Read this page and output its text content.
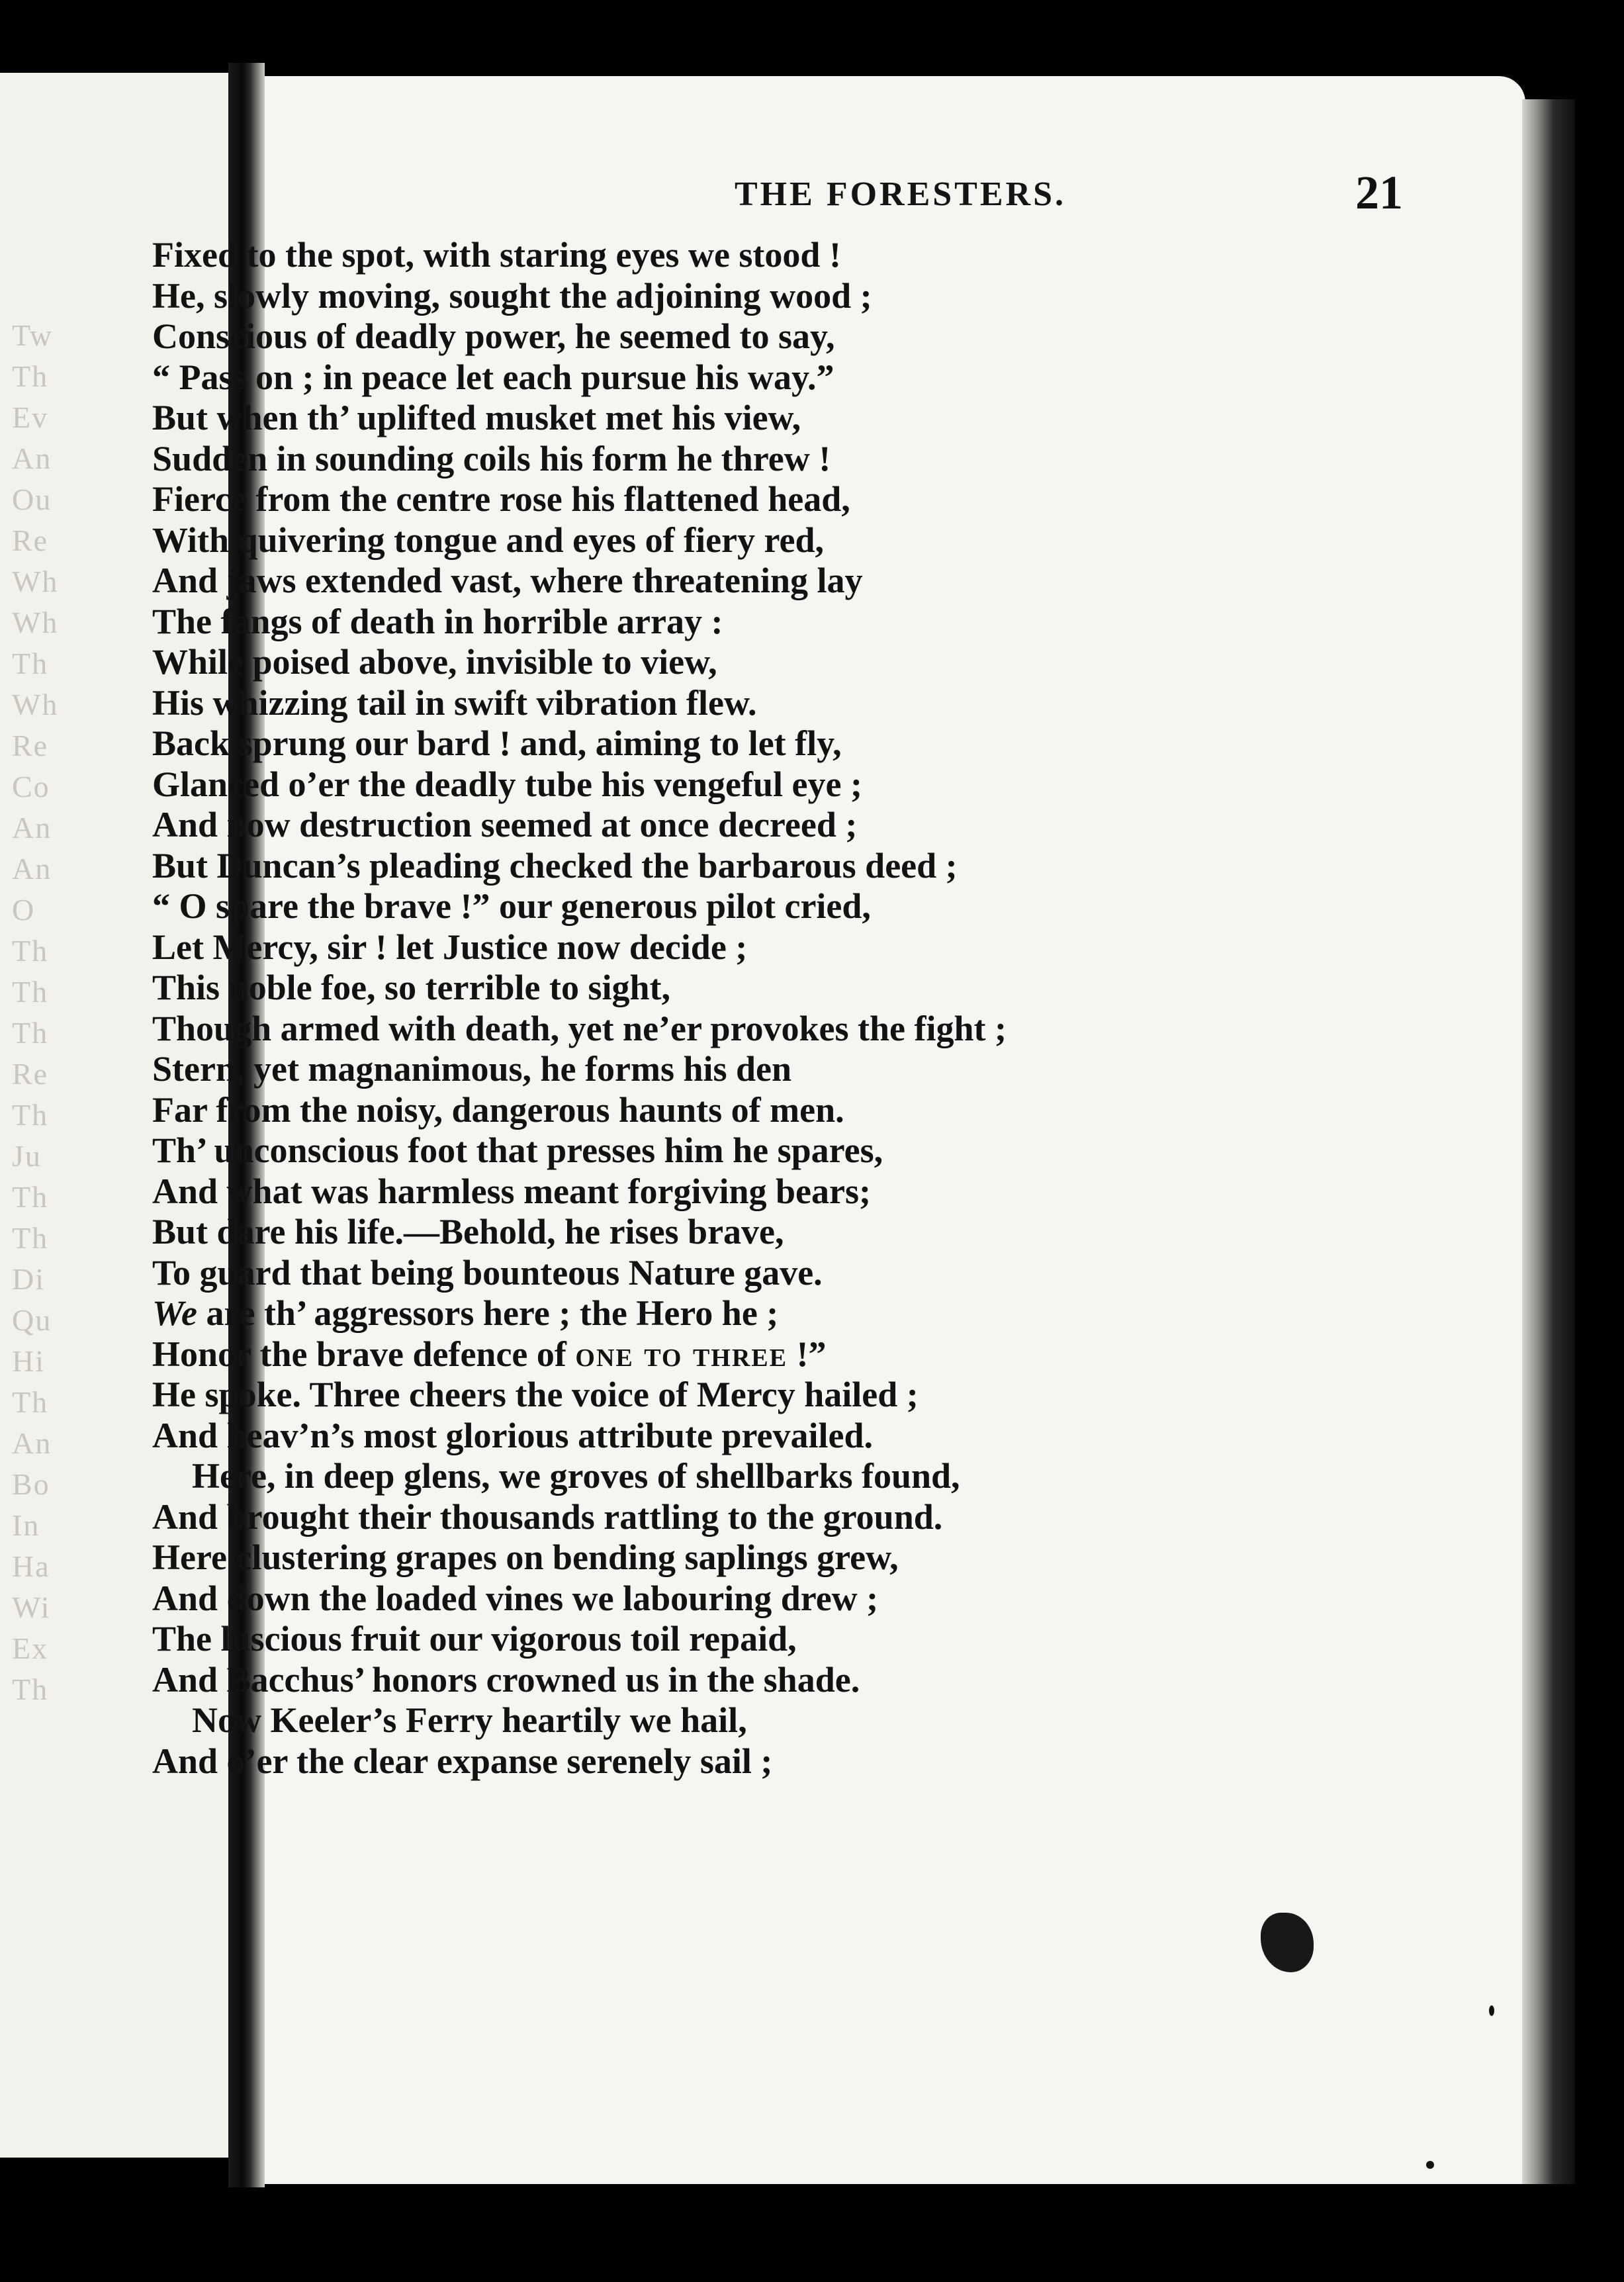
Tw
Th
Ev
An
Ou
Re
Wh
Wh
Th
Wh
Re
Co
An
An
O
Th
Th
Th
Re
Th
Ju
Th
Th
Di
Qu
Hi
Th
An
Bo
In
Ha
Wi
Ex
Th
THE FORESTERS.	21
Fixed to the spot, with staring eyes we stood !
He, slowly moving, sought the adjoining wood ;
Conscious of deadly power, he seemed to say,
“ Pass on ; in peace let each pursue his way.”
But when th’ uplifted musket met his view,
Sudden in sounding coils his form he threw !
Fierce from the centre rose his flattened head,
With quivering tongue and eyes of fiery red,
And jaws extended vast, where threatening lay
The fangs of death in horrible array :
While poised above, invisible to view,
His whizzing tail in swift vibration flew.
Back sprung our bard ! and, aiming to let fly,
Glanced o’er the deadly tube his vengeful eye ;
And now destruction seemed at once decreed ;
But Duncan’s pleading checked the barbarous deed ;
“ O spare the brave !” our generous pilot cried,
Let Mercy, sir ! let Justice now decide ;
This noble foe, so terrible to sight,
Though armed with death, yet ne’er provokes the fight ;
Stern, yet magnanimous, he forms his den
Far from the noisy, dangerous haunts of men.
Th’ unconscious foot that presses him he spares,
And what was harmless meant forgiving bears;
But dare his life.—Behold, he rises brave,
To guard that being bounteous Nature gave.
We are th’ aggressors here ; the Hero he ;
Honor the brave defence of one to three !”
He spoke. Three cheers the voice of Mercy hailed ;
And heav’n’s most glorious attribute prevailed.
Here, in deep glens, we groves of shellbarks found,
And brought their thousands rattling to the ground.
Here clustering grapes on bending saplings grew,
And down the loaded vines we labouring drew ;
The luscious fruit our vigorous toil repaid,
And Bacchus’ honors crowned us in the shade.
Now Keeler’s Ferry heartily we hail,
And o’er the clear expanse serenely sail ;
